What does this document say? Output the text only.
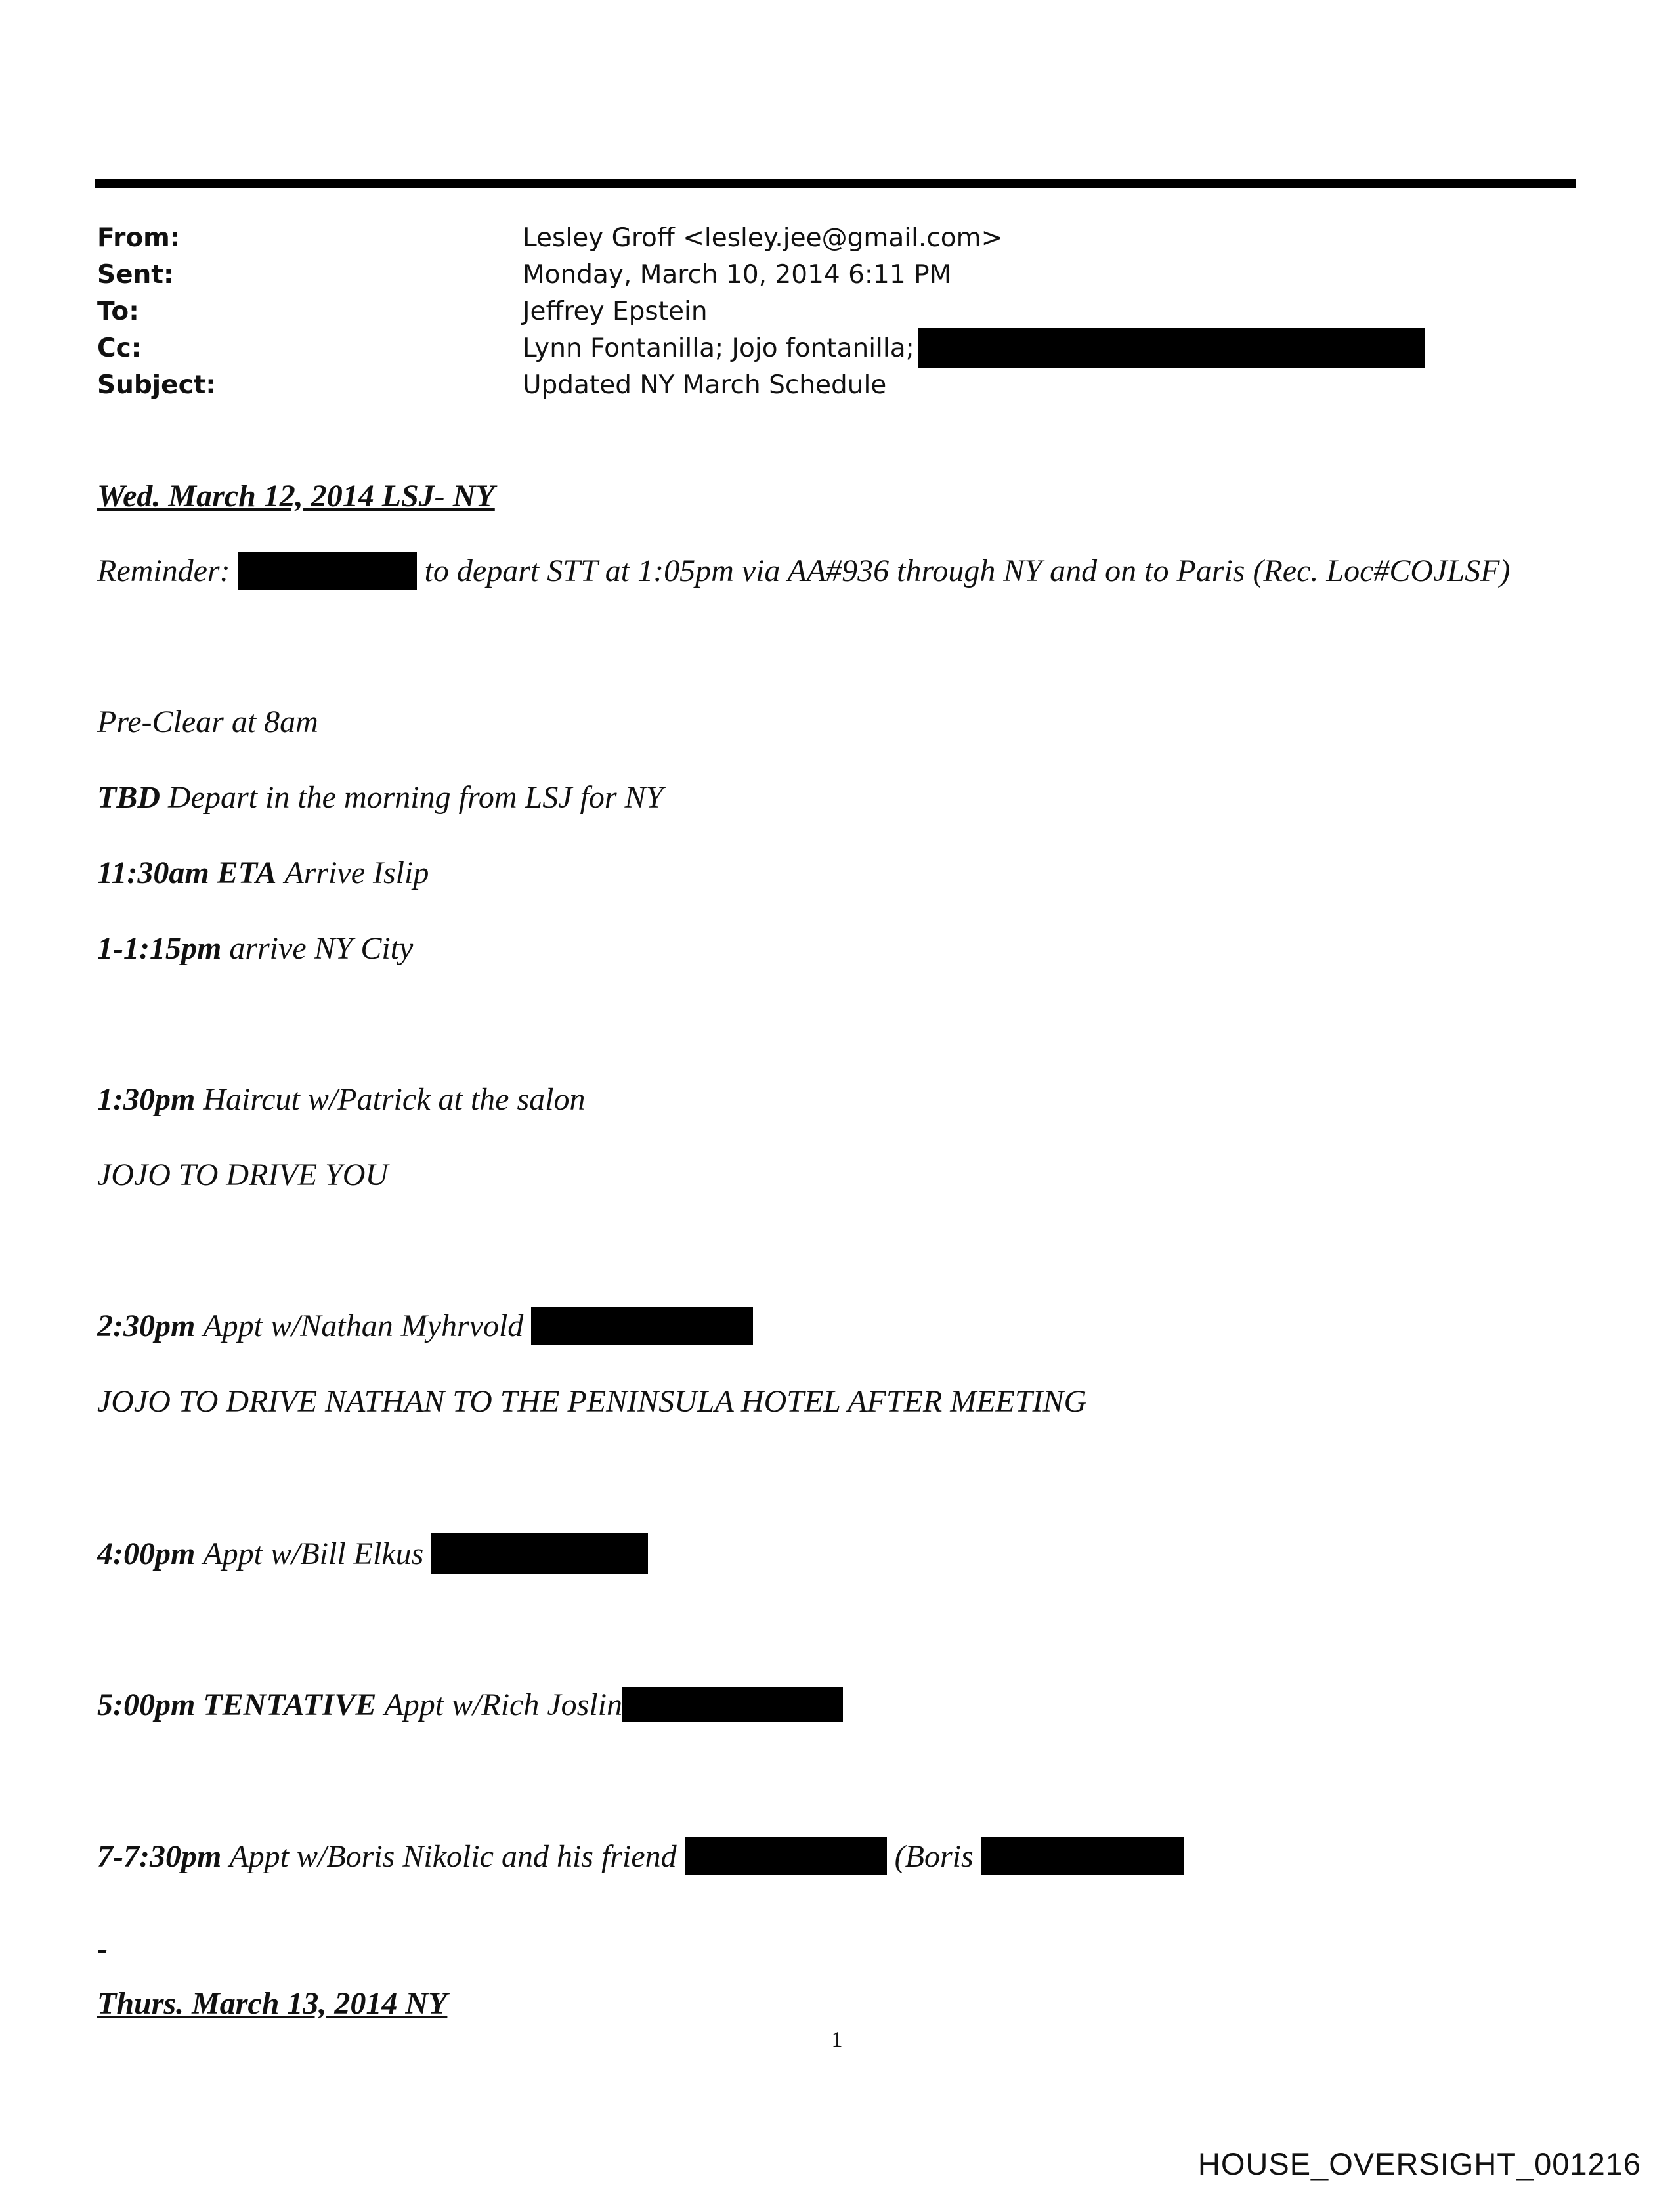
From:	Lesley Groff <lesley.jee@gmail.com>
Sent:	Monday, March 10, 2014 6:11 PM
To:	Jeffrey Epstein
Cc:	Lynn Fontanilla; Jojo fontanilla;
Subject:	Updated NY March Schedule
Wed. March 12, 2014 LSJ- NY
Reminder:	to depart STT at 1:05pm via AA#936 through NY and on to Paris (Rec. Loc#COJLSF)
Pre-Clear at 8am
TBD Depart in the morning from LSJ for NY
11:30am ETA Arrive Islip
1-1:15pm arrive NY City
1:30pm Haircut w/Patrick at the salon
JOJO TO DRIVE YOU
2:30pm Appt w/Nathan Myhrvold
JOJO TO DRIVE NATHAN TO THE PENINSULA HOTEL AFTER MEETING
4:00pm Appt w/Bill Elkus
5:00pm TENTATIVE Appt w/Rich Joslin
7-7:30pm Appt w/Boris Nikolic and his friend	(Boris
-
Thurs. March 13, 2014 NY
1
HOUSE_OVERSIGHT_001216
